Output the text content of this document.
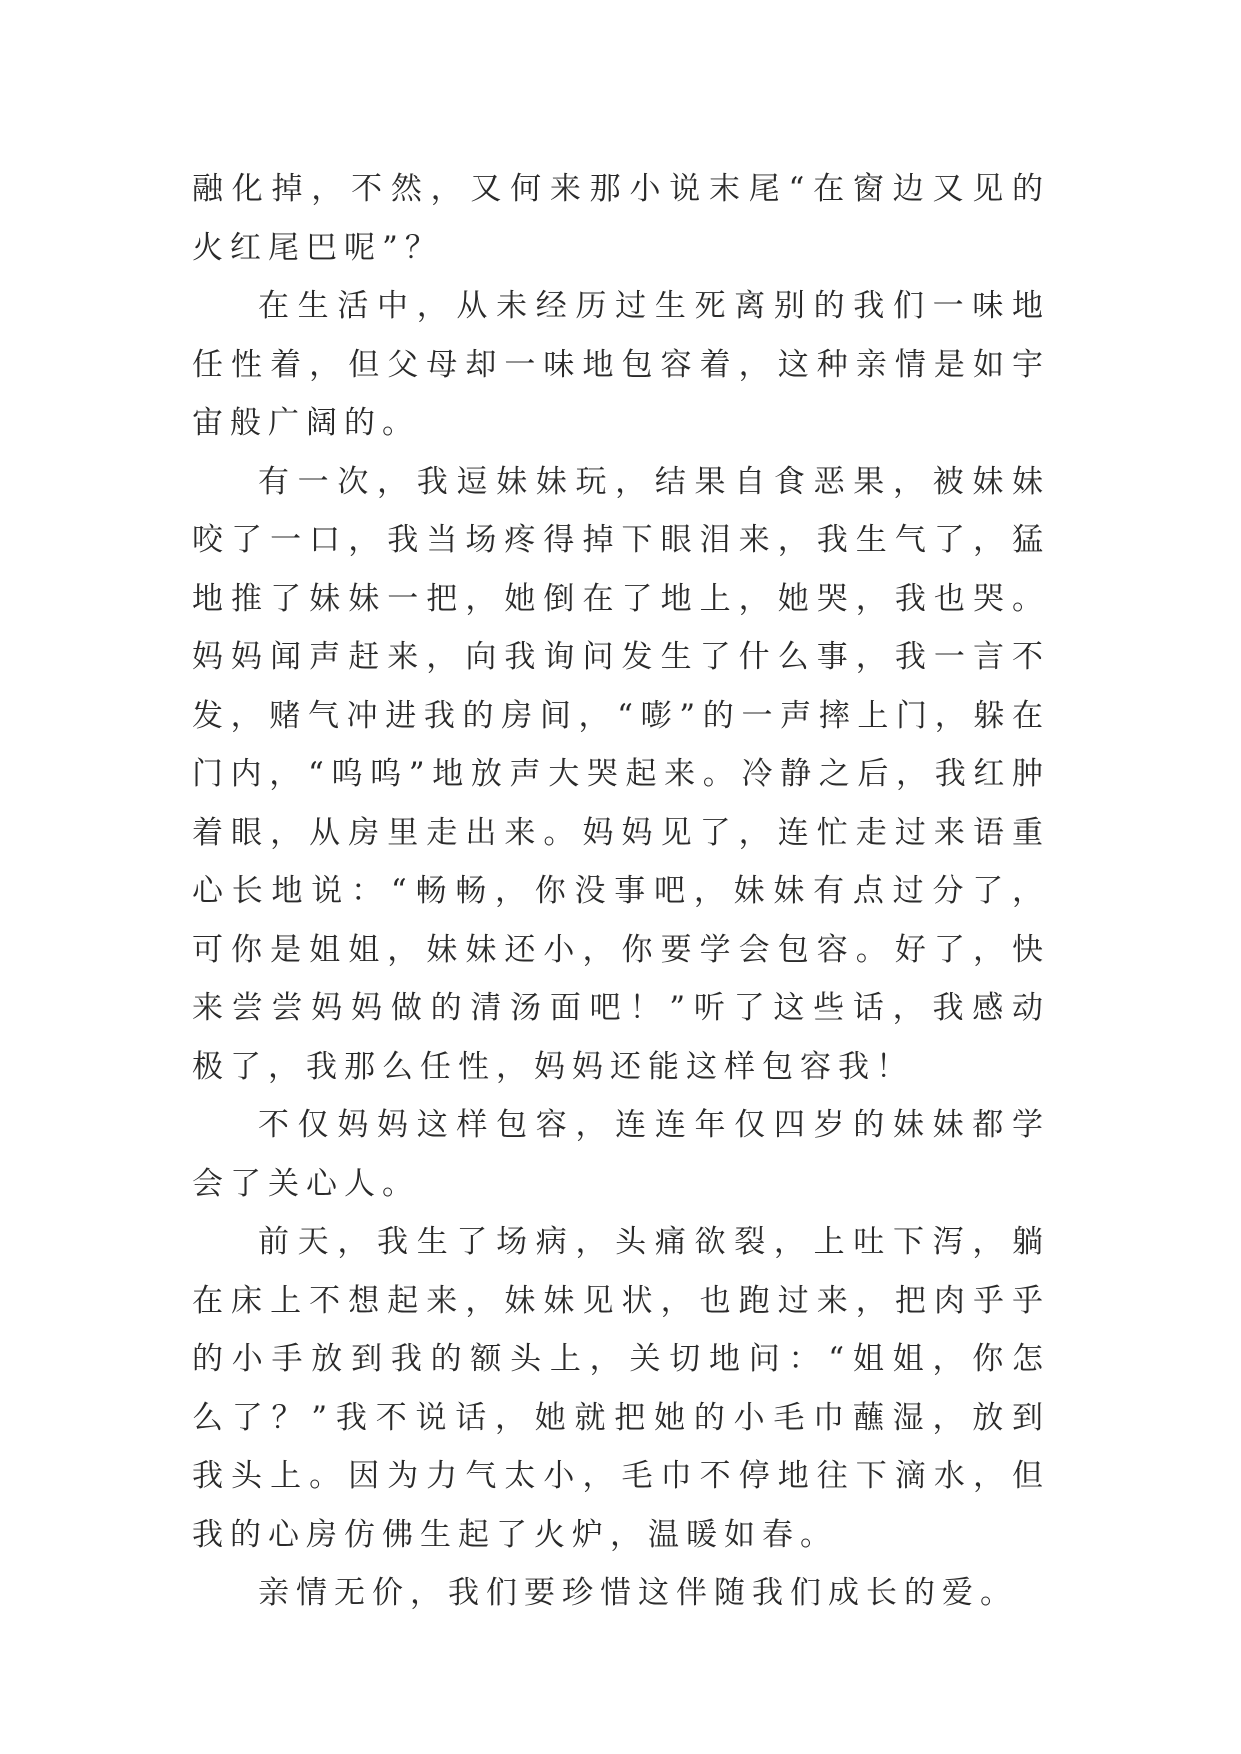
融化掉，不然，又何来那小说末尾“在窗边又见的火红尾巴呢”？

在生活中，从未经历过生死离别的我们一味地任性着，但父母却一味地包容着，这种亲情是如宇宙般广阔的。

有一次，我逗妹妹玩，结果自食恶果，被妹妹咬了一口，我当场疼得掉下眼泪来，我生气了，猛地推了妹妹一把，她倒在了地上，她哭，我也哭。妈妈闻声赶来，向我询问发生了什么事，我一言不发，赌气冲进我的房间，“嘭”的一声摔上门，躲在门内，“呜呜”地放声大哭起来。冷静之后，我红肿着眼，从房里走出来。妈妈见了，连忙走过来语重心长地说：“畅畅，你没事吧，妹妹有点过分了，可你是姐姐，妹妹还小，你要学会包容。好了，快来尝尝妈妈做的清汤面吧！”听了这些话，我感动极了，我那么任性，妈妈还能这样包容我！

不仅妈妈这样包容，连连年仅四岁的妹妹都学会了关心人。

前天，我生了场病，头痛欲裂，上吐下泻，躺在床上不想起来，妹妹见状，也跑过来，把肉乎乎的小手放到我的额头上，关切地问：“姐姐，你怎么了？”我不说话，她就把她的小毛巾蘸湿，放到我头上。因为力气太小，毛巾不停地往下滴水，但我的心房仿佛生起了火炉，温暖如春。

亲情无价，我们要珍惜这伴随我们成长的爱。
